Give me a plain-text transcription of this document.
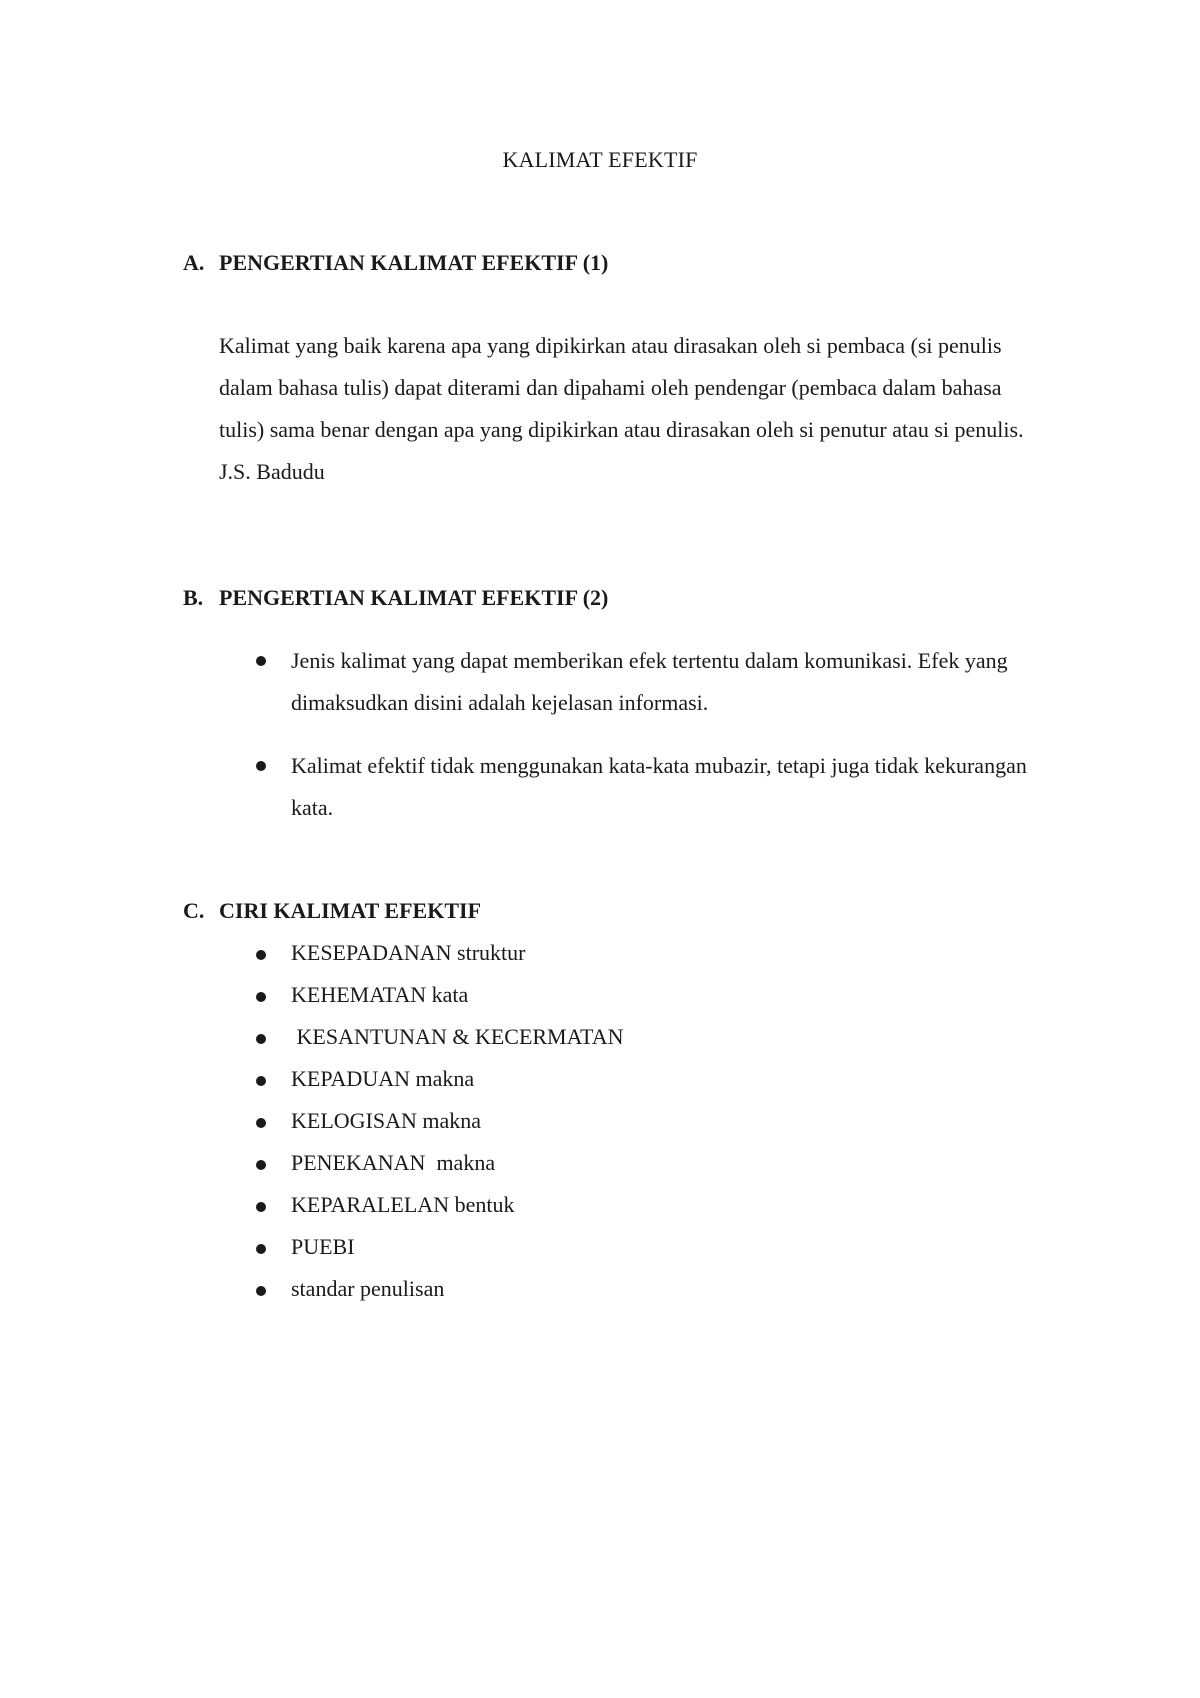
KALIMAT EFEKTIF
A. PENGERTIAN KALIMAT EFEKTIF (1)

Kalimat yang baik karena apa yang dipikirkan atau dirasakan oleh si pembaca (si penulis dalam bahasa tulis) dapat diterami dan dipahami oleh pendengar (pembaca dalam bahasa tulis) sama benar dengan apa yang dipikirkan atau dirasakan oleh si penutur atau si penulis. J.S. Badudu

B. PENGERTIAN KALIMAT EFEKTIF (2)
Jenis kalimat yang dapat memberikan efek tertentu dalam komunikasi. Efek yang dimaksudkan disini adalah kejelasan informasi.
Kalimat efektif tidak menggunakan kata-kata mubazir, tetapi juga tidak kekurangan kata.
C. CIRI KALIMAT EFEKTIF
KESEPADANAN struktur
KEHEMATAN kata
KESANTUNAN & KECERMATAN
KEPADUAN makna
KELOGISAN makna
PENEKANAN  makna
KEPARALELAN bentuk
PUEBI
standar penulisan
